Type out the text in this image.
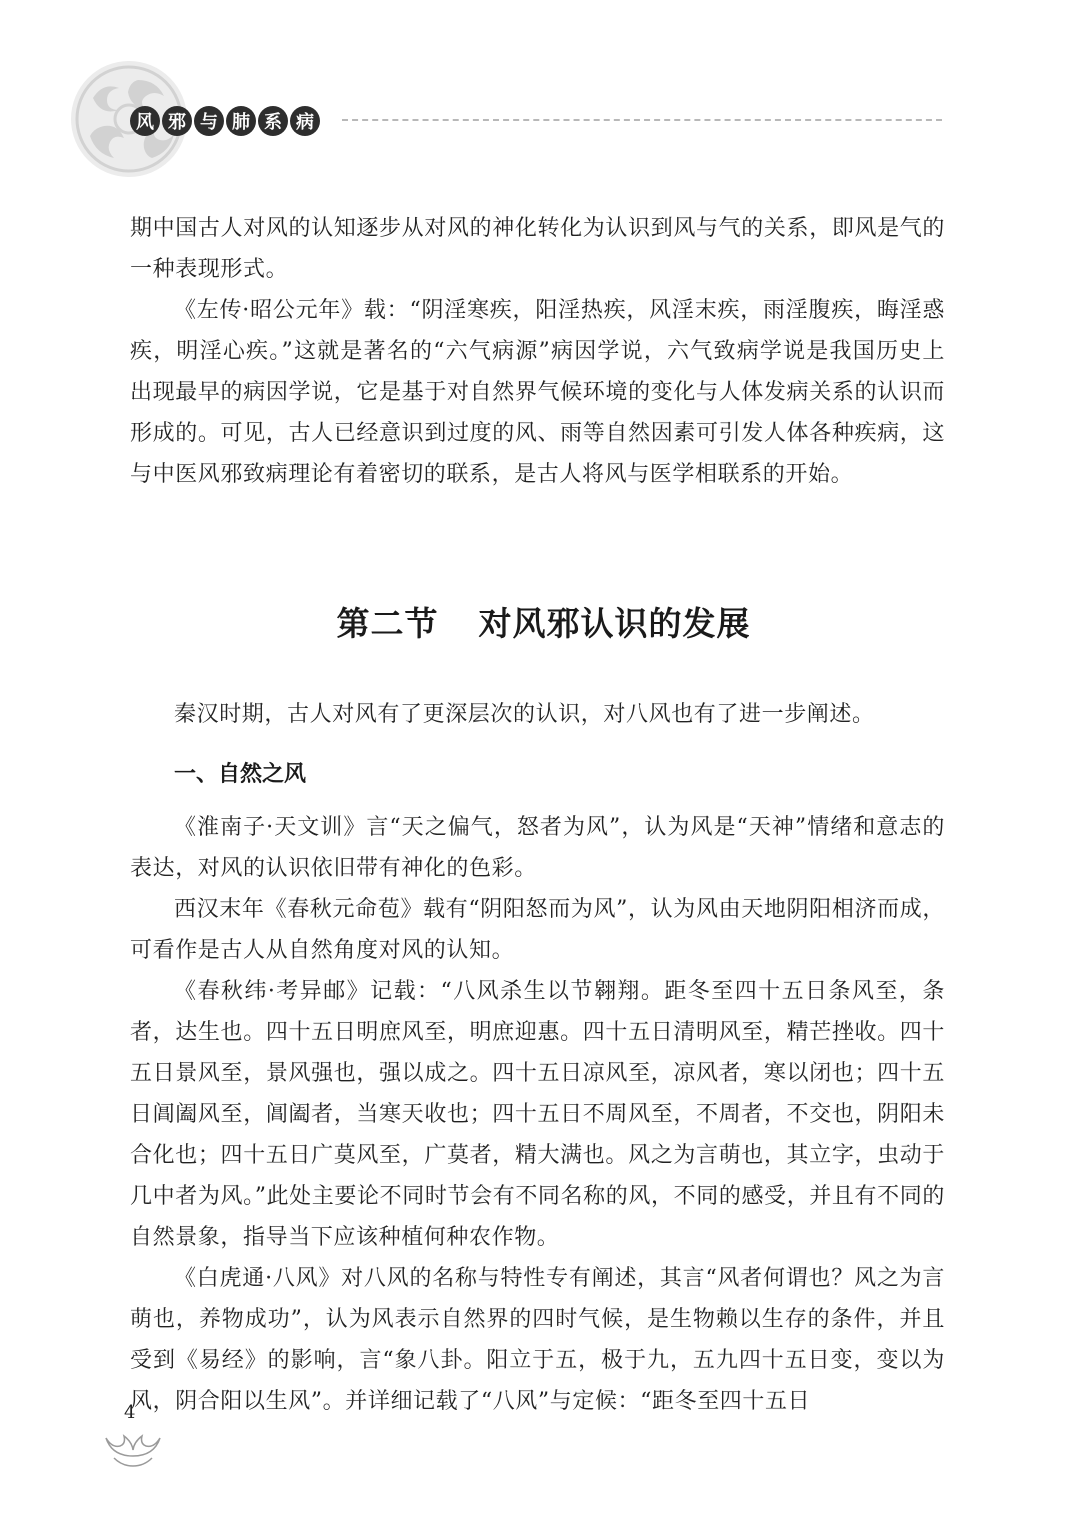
风 邪 与 肺 系 病

期中国古人对风的认知逐步从对风的神化转化为认识到风与气的关系，即风是气的一种表现形式。

《左传·昭公元年》载：“阴淫寒疾，阳淫热疾，风淫末疾，雨淫腹疾，晦淫惑疾，明淫心疾。”这就是著名的“六气病源”病因学说，六气致病学说是我国历史上出现最早的病因学说，它是基于对自然界气候环境的变化与人体发病关系的认识而形成的。可见，古人已经意识到过度的风、雨等自然因素可引发人体各种疾病，这与中医风邪致病理论有着密切的联系，是古人将风与医学相联系的开始。

第二节 对风邪认识的发展

秦汉时期，古人对风有了更深层次的认识，对八风也有了进一步阐述。

一、自然之风

《淮南子·天文训》言“天之偏气，怒者为风”，认为风是“天神”情绪和意志的表达，对风的认识依旧带有神化的色彩。

西汉末年《春秋元命苞》载有“阴阳怒而为风”，认为风由天地阴阳相济而成，可看作是古人从自然角度对风的认知。

《春秋纬·考异邮》记载：“八风杀生以节翱翔。距冬至四十五日条风至，条者，达生也。四十五日明庶风至，明庶迎惠。四十五日清明风至，精芒挫收。四十五日景风至，景风强也，强以成之。四十五日凉风至，凉风者，寒以闭也；四十五日阊阖风至，阊阖者，当寒天收也；四十五日不周风至，不周者，不交也，阴阳未合化也；四十五日广莫风至，广莫者，精大满也。风之为言萌也，其立字，虫动于几中者为风。”此处主要论不同时节会有不同名称的风，不同的感受，并且有不同的自然景象，指导当下应该种植何种农作物。

《白虎通·八风》对八风的名称与特性专有阐述，其言“风者何谓也？风之为言萌也，养物成功”，认为风表示自然界的四时气候，是生物赖以生存的条件，并且受到《易经》的影响，言“象八卦。阳立于五，极于九，五九四十五日变，变以为风，阴合阳以生风”。并详细记载了“八风”与定候：“距冬至四十五日

4
